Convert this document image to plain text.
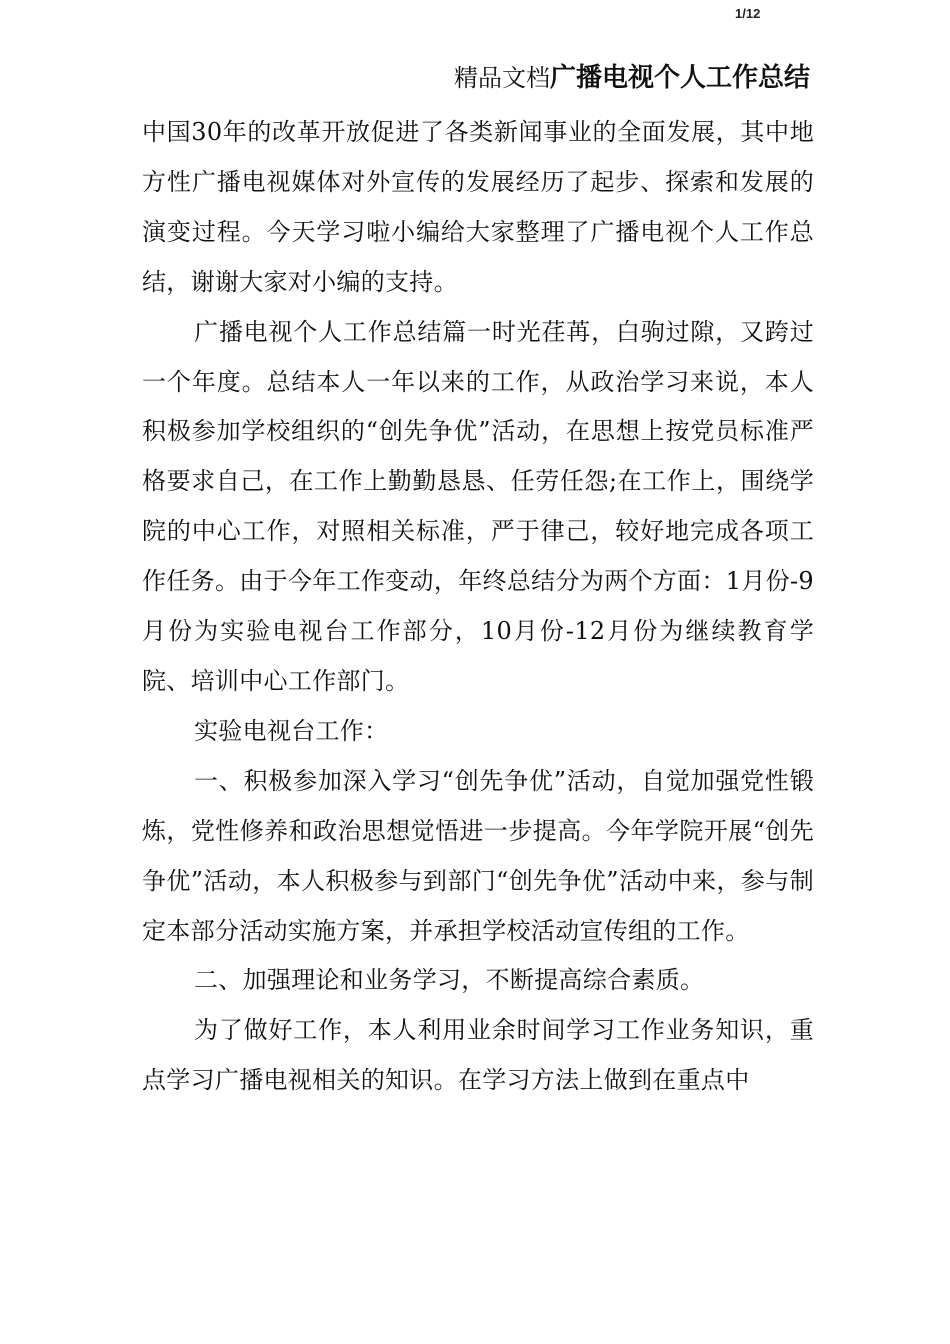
1/12
精品文档广播电视个人工作总结

中国30年的改革开放促进了各类新闻事业的全面发展，其中地方性广播电视媒体对外宣传的发展经历了起步、探索和发展的演变过程。今天学习啦小编给大家整理了广播电视个人工作总结，谢谢大家对小编的支持。

广播电视个人工作总结篇一时光荏苒，白驹过隙，又跨过一个年度。总结本人一年以来的工作，从政治学习来说，本人积极参加学校组织的“创先争优”活动，在思想上按党员标准严格要求自己，在工作上勤勤恳恳、任劳任怨;在工作上，围绕学院的中心工作，对照相关标准，严于律己，较好地完成各项工作任务。由于今年工作变动，年终总结分为两个方面：1月份-9月份为实验电视台工作部分，10月份-12月份为继续教育学院、培训中心工作部门。

实验电视台工作：

一、积极参加深入学习“创先争优”活动，自觉加强党性锻炼，党性修养和政治思想觉悟进一步提高。今年学院开展“创先争优”活动，本人积极参与到部门“创先争优”活动中来，参与制定本部分活动实施方案，并承担学校活动宣传组的工作。

二、加强理论和业务学习，不断提高综合素质。

为了做好工作，本人利用业余时间学习工作业务知识，重点学习广播电视相关的知识。在学习方法上做到在重点中
